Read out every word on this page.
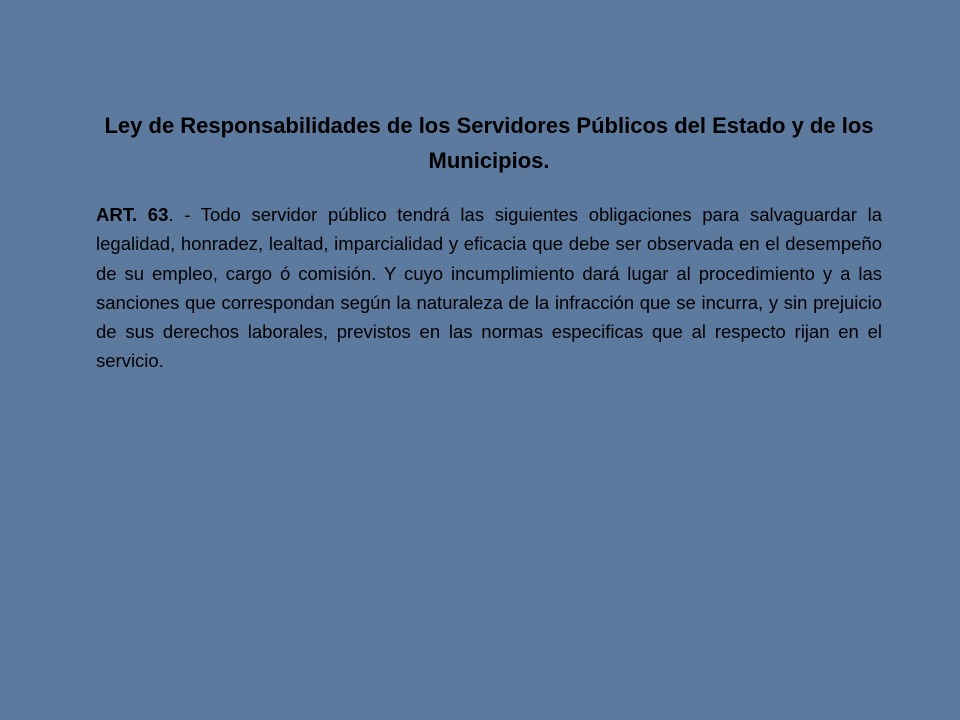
Ley de Responsabilidades de los Servidores Públicos del Estado y de los Municipios.

ART. 63. - Todo servidor público tendrá las siguientes obligaciones para salvaguardar la legalidad, honradez, lealtad, imparcialidad y eficacia que debe ser observada en el desempeño de su empleo, cargo ó comisión. Y cuyo incumplimiento dará lugar al procedimiento y a las sanciones que correspondan según la naturaleza de la infracción que se incurra, y sin prejuicio de sus derechos laborales, previstos en las normas especificas que al respecto rijan en el servicio.
